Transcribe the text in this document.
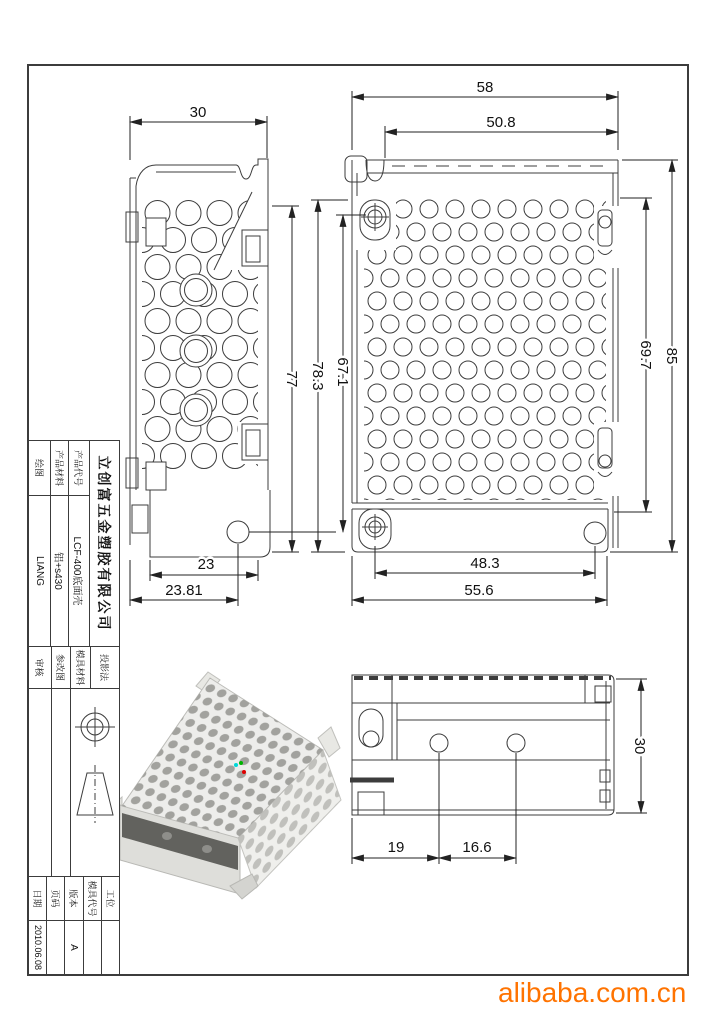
30
23
23.81
58
50.8
77 78.3 67.1
69.7 85
48.3
55.6
19	16.6
30
立创富五金塑胶有限公司
产品代号
LCF-400底面壳
产品材料
铝+s430
绘图
LIANG
投影法
模具材料
参改图
审核
工位
模具代号
版本
页码
日期
A
2010.06.08
alibaba.com.cn
